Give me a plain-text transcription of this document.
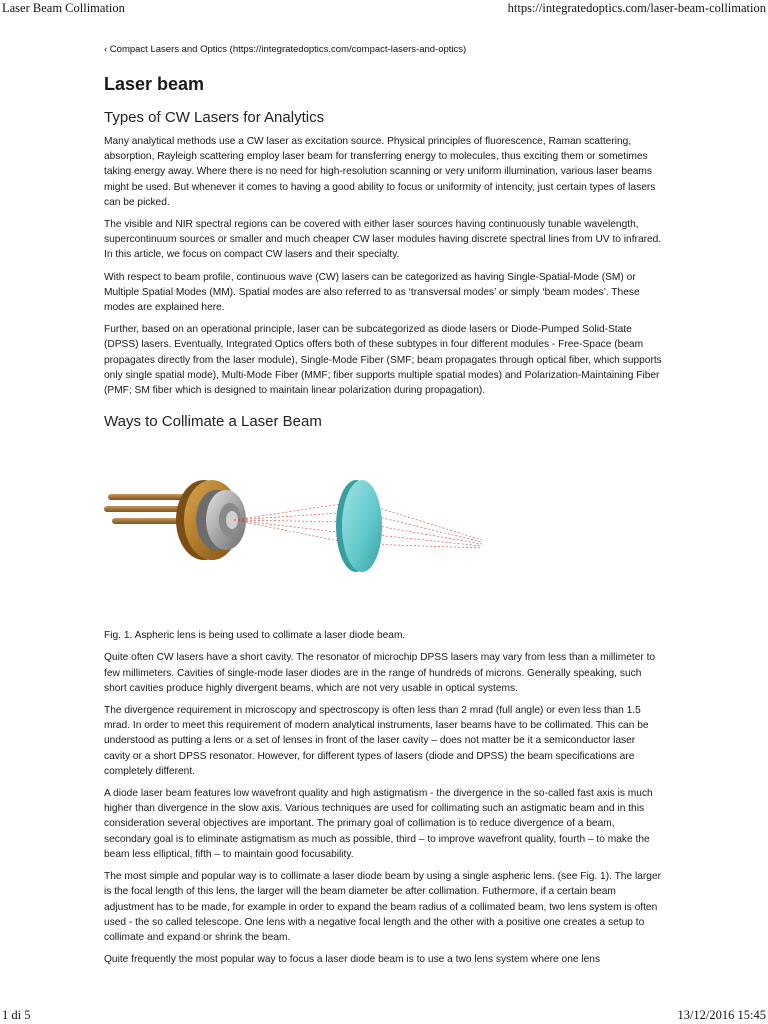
Laser Beam Collimation	https://integratedoptics.com/laser-beam-collimation
‹ Compact Lasers and Optics (https://integratedoptics.com/compact-lasers-and-optics)
Laser beam
Types of CW Lasers for Analytics

Many analytical methods use a CW laser as excitation source. Physical principles of fluorescence, Raman scattering, absorption, Rayleigh scattering employ laser beam for transferring energy to molecules, thus exciting them or sometimes taking energy away. Where there is no need for high-resolution scanning or very uniform illumination, various laser beams might be used. But whenever it comes to having a good ability to focus or uniformity of intencity, just certain types of lasers can be picked.

The visible and NIR spectral regions can be covered with either laser sources having continuously tunable wavelength, supercontinuum sources or smaller and much cheaper CW laser modules having discrete spectral lines from UV to infrared. In this article, we focus on compact CW lasers and their specialty.

With respect to beam profile, continuous wave (CW) lasers can be categorized as having Single-Spatial-Mode (SM) or Multiple Spatial Modes (MM). Spatial modes are also referred to as ‘transversal modes’ or simply ‘beam modes’. These modes are explained here.

Further, based on an operational principle, laser can be subcategorized as diode lasers or Diode-Pumped Solid-State (DPSS) lasers. Eventually, Integrated Optics offers both of these subtypes in four different modules - Free-Space (beam propagates directly from the laser module), Single-Mode Fiber (SMF; beam propagates through optical fiber, which supports only single spatial mode), Multi-Mode Fiber (MMF; fiber supports multiple spatial modes) and Polarization-Maintaining Fiber (PMF; SM fiber which is designed to maintain linear polarization during propagation).

Ways to Collimate a Laser Beam

Fig. 1. Aspheric lens is being used to collimate a laser diode beam.

Quite often CW lasers have a short cavity. The resonator of microchip DPSS lasers may vary from less than a millimeter to few millimeters. Cavities of single-mode laser diodes are in the range of hundreds of microns. Generally speaking, such short cavities produce highly divergent beams, which are not very usable in optical systems.

The divergence requirement in microscopy and spectroscopy is often less than 2 mrad (full angle) or even less than 1.5 mrad. In order to meet this requirement of modern analytical instruments, laser beams have to be collimated. This can be understood as putting a lens or a set of lenses in front of the laser cavity – does not matter be it a semiconductor laser cavity or a short DPSS resonator. However, for different types of lasers (diode and DPSS) the beam specifications are completely different.

A diode laser beam features low wavefront quality and high astigmatism - the divergence in the so-called fast axis is much higher than divergence in the slow axis. Various techniques are used for collimating such an astigmatic beam and in this consideration several objectives are important. The primary goal of collimation is to reduce divergence of a beam, secondary goal is to eliminate astigmatism as much as possible, third – to improve wavefront quality, fourth – to make the beam less elliptical, fifth – to maintain good focusability.

The most simple and popular way is to collimate a laser diode beam by using a single aspheric lens. (see Fig. 1). The larger is the focal length of this lens, the larger will the beam diameter be after collimation. Futhermore, if a certain beam adjustment has to be made, for example in order to expand the beam radius of a collimated beam, two lens system is often used - the so called telescope. One lens with a negative focal length and the other with a positive one creates a setup to collimate and expand or shrink the beam.

Quite frequently the most popular way to focus a laser diode beam is to use a two lens system where one lens

1 di 5	13/12/2016 15:45
